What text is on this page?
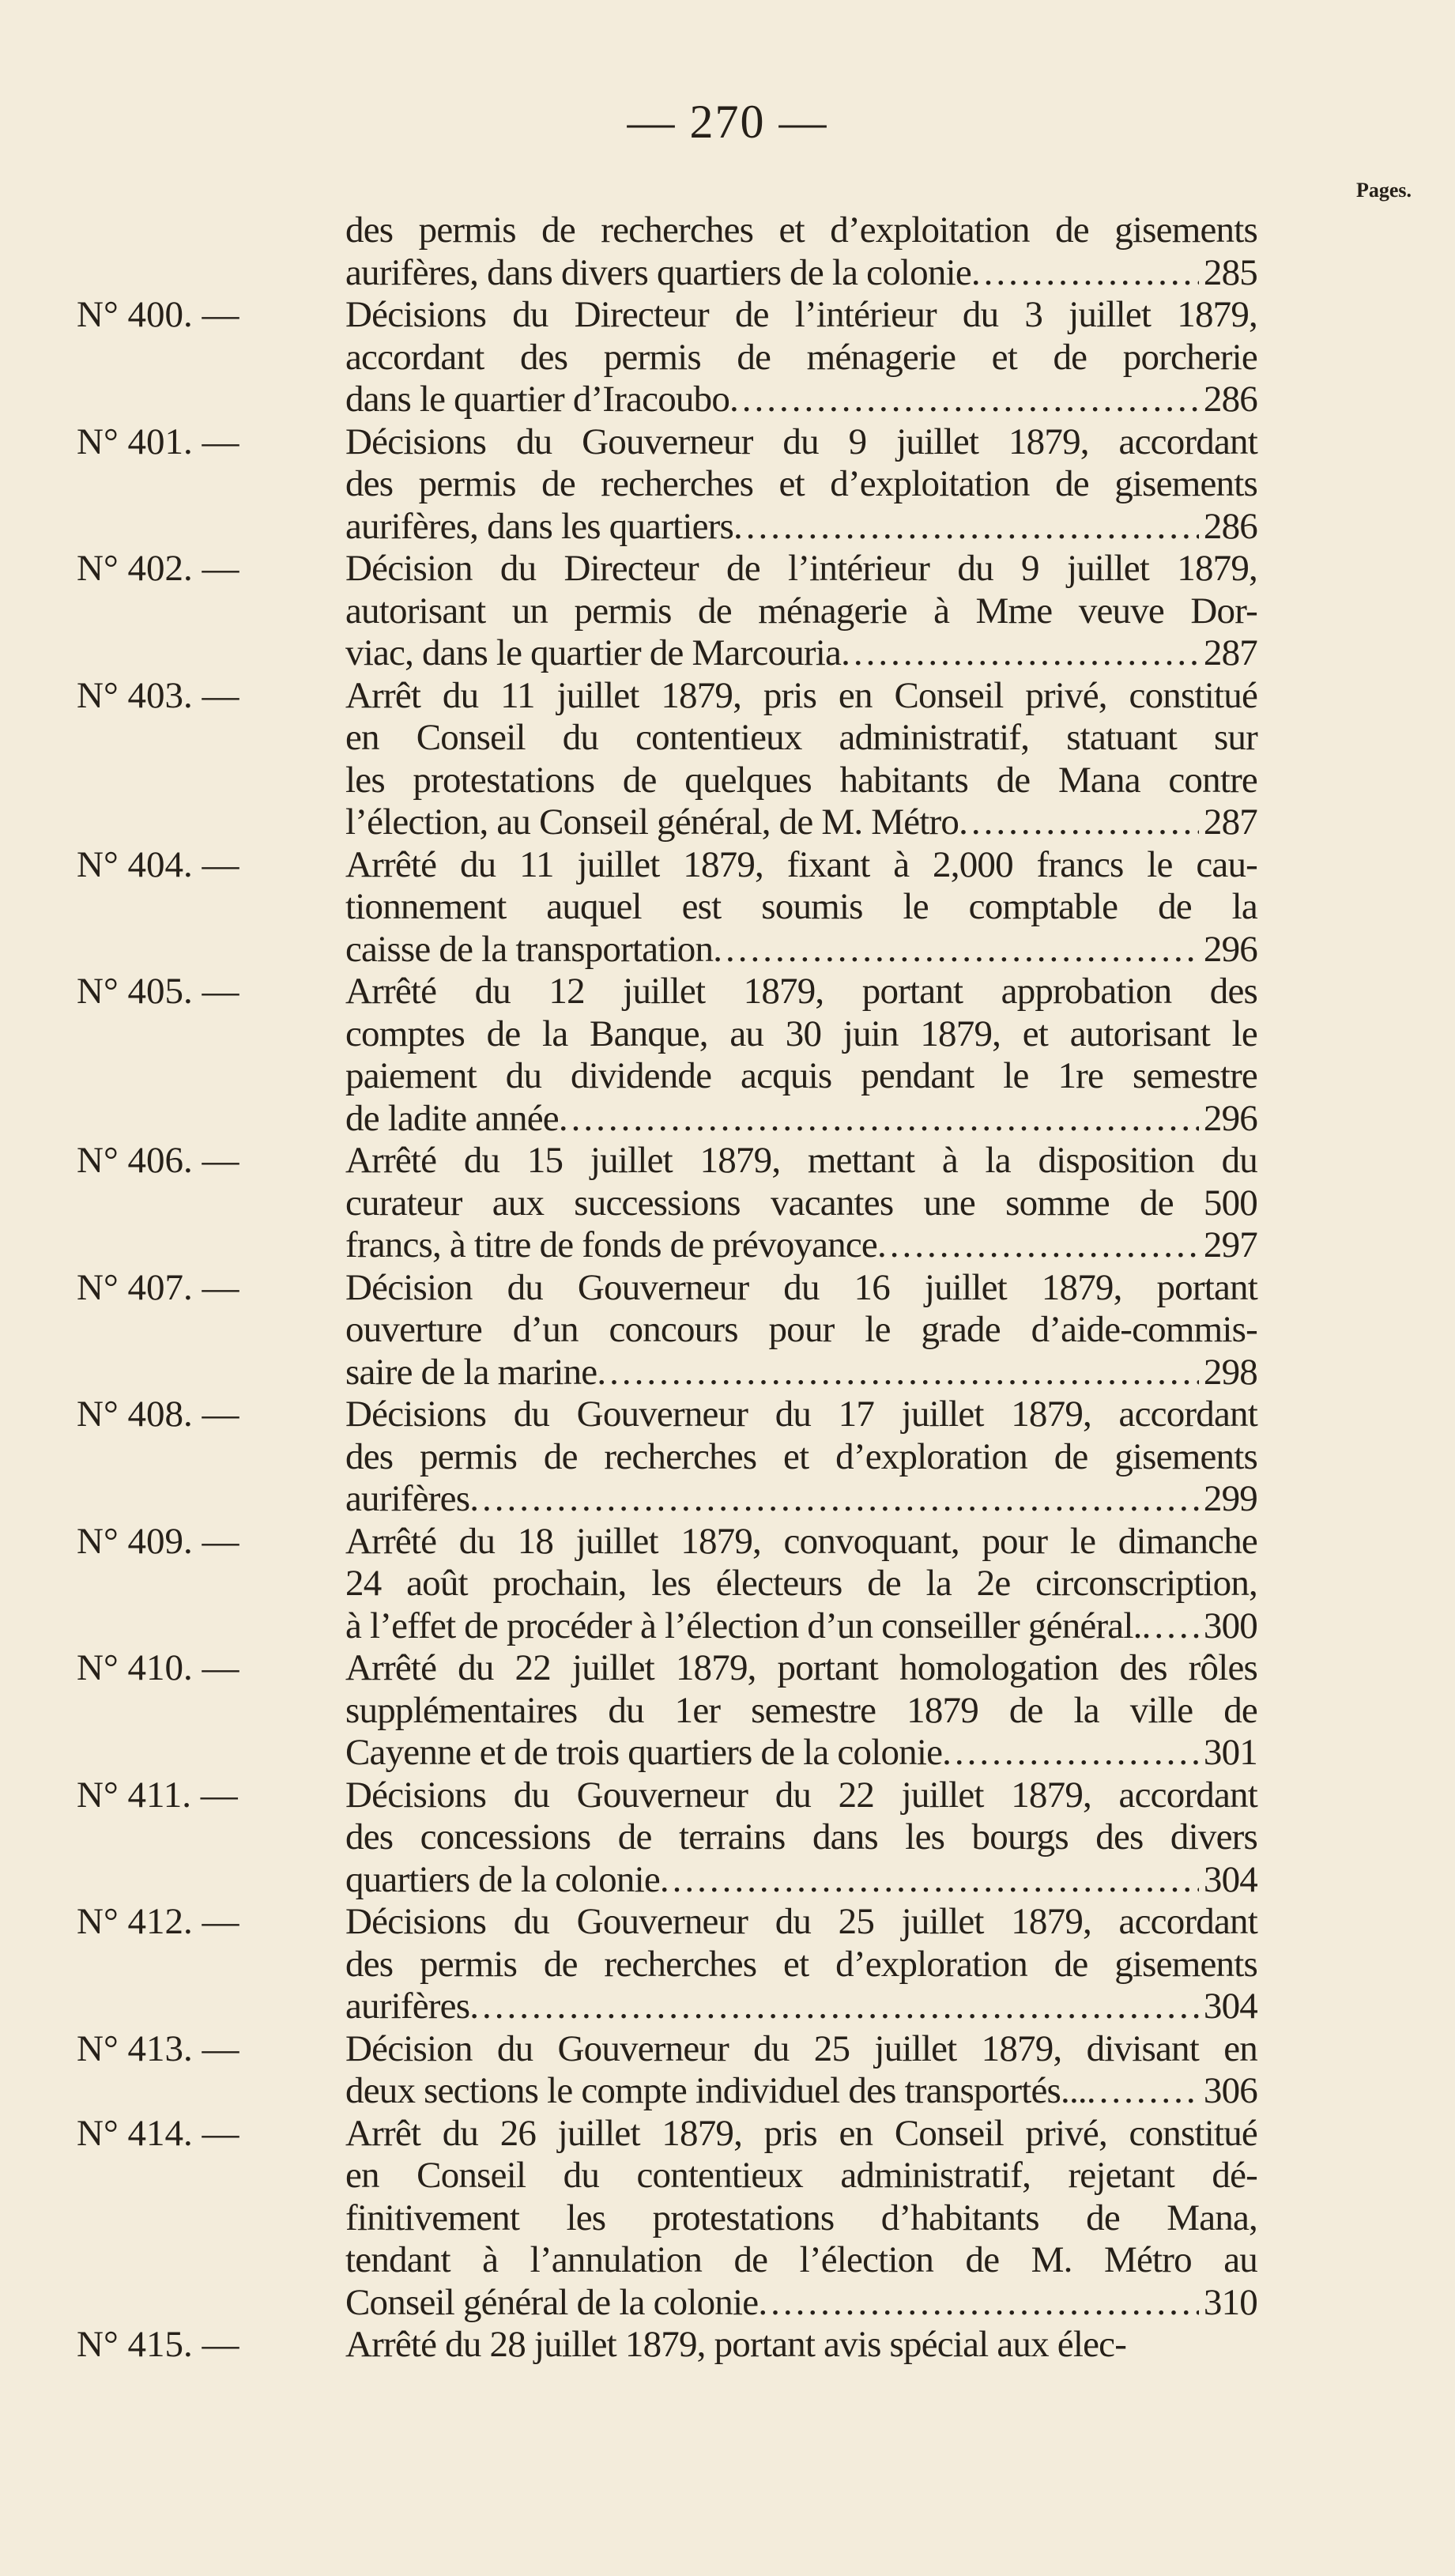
— 270 —
Pages.
des permis de recherches et d’exploitation de gisements
aurifères, dans divers quartiers de la colonie .....	285
N° 400. —	Décisions du Directeur de l’intérieur du 3 juillet 1879,
accordant des permis de ménagerie et de porcherie
dans le quartier d’Iracoubo .....	286
N° 401. —	Décisions du Gouverneur du 9 juillet 1879, accordant
des permis de recherches et d’exploitation de gisements
aurifères, dans les quartiers .....	286
N° 402. —	Décision du Directeur de l’intérieur du 9 juillet 1879,
autorisant un permis de ménagerie à Mme veuve Dor-
viac, dans le quartier de Marcouria .....	287
N° 403. —	Arrêt du 11 juillet 1879, pris en Conseil privé, constitué
en Conseil du contentieux administratif, statuant sur
les protestations de quelques habitants de Mana contre
l’élection, au Conseil général, de M. Métro .....	287
N° 404. —	Arrêté du 11 juillet 1879, fixant à 2,000 francs le cau-
tionnement auquel est soumis le comptable de la
caisse de la transportation .....	296
N° 405. —	Arrêté du 12 juillet 1879, portant approbation des
comptes de la Banque, au 30 juin 1879, et autorisant le
paiement du dividende acquis pendant le 1re semestre
de ladite année .....	296
N° 406. —	Arrêté du 15 juillet 1879, mettant à la disposition du
curateur aux successions vacantes une somme de 500
francs, à titre de fonds de prévoyance .....	297
N° 407. —	Décision du Gouverneur du 16 juillet 1879, portant
ouverture d’un concours pour le grade d’aide-commis-
saire de la marine .....	298
N° 408. —	Décisions du Gouverneur du 17 juillet 1879, accordant
des permis de recherches et d’exploration de gisements
aurifères .....	299
N° 409. —	Arrêté du 18 juillet 1879, convoquant, pour le dimanche
24 août prochain, les électeurs de la 2e circonscription,
à l’effet de procéder à l’élection d’un conseiller général. ..... 300
N° 410. —	Arrêté du 22 juillet 1879, portant homologation des rôles
supplémentaires du 1er semestre 1879 de la ville de
Cayenne et de trois quartiers de la colonie .....	301
N° 411. —	Décisions du Gouverneur du 22 juillet 1879, accordant
des concessions de terrains dans les bourgs des divers
quartiers de la colonie .....	304
N° 412. —	Décisions du Gouverneur du 25 juillet 1879, accordant
des permis de recherches et d’exploration de gisements
aurifères .....	304
N° 413. —	Décision du Gouverneur du 25 juillet 1879, divisant en
deux sections le compte individuel des transportés... .....	306
N° 414. —	Arrêt du 26 juillet 1879, pris en Conseil privé, constitué
en Conseil du contentieux administratif, rejetant dé-
finitivement les protestations d’habitants de Mana,
tendant à l’annulation de l’élection de M. Métro au
Conseil général de la colonie .....	310
N° 415. —	Arrêté du 28 juillet 1879, portant avis spécial aux élec-
